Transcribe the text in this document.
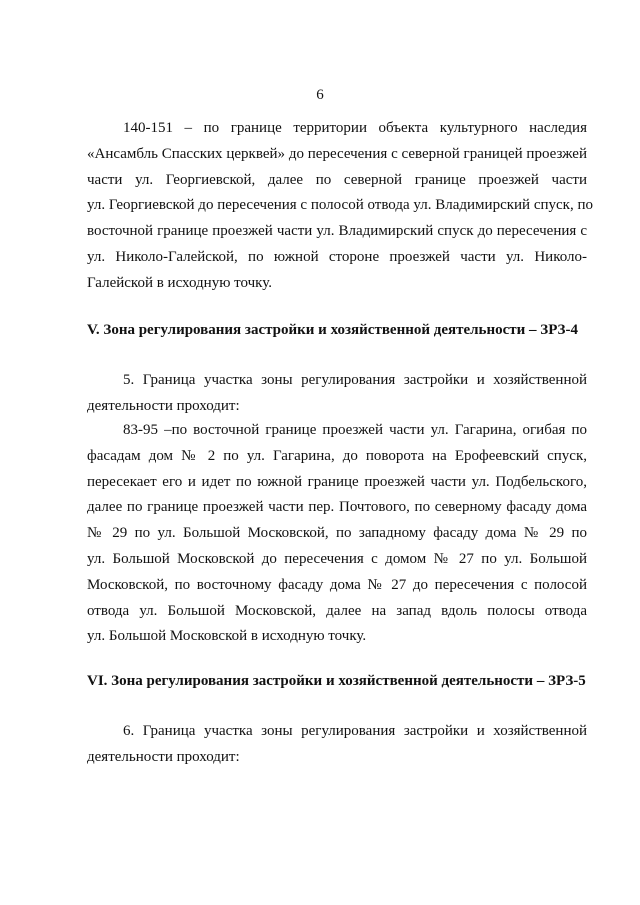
6
140-151 – по границе территории объекта культурного наследия
«Ансамбль Спасских церквей» до пересечения с северной границей проезжей
части ул. Георгиевской, далее по северной границе проезжей части
ул. Георгиевской до пересечения с полосой отвода ул. Владимирский спуск, по
восточной границе проезжей части ул. Владимирский спуск до пересечения с
ул. Николо-Галейской, по южной стороне проезжей части ул. Николо-
Галейской в исходную точку.
V. Зона регулирования застройки и хозяйственной деятельности – ЗРЗ-4
5. Граница участка зоны регулирования застройки и хозяйственной
деятельности проходит:
83-95 –по восточной границе проезжей части ул. Гагарина, огибая по
фасадам дом № 2 по ул. Гагарина, до поворота на Ерофеевский спуск,
пересекает его и идет по южной границе проезжей части ул. Подбельского,
далее по границе проезжей части пер. Почтового, по северному фасаду дома
№ 29 по ул. Большой Московской, по западному фасаду дома № 29 по
ул. Большой Московской до пересечения с домом № 27 по ул. Большой
Московской, по восточному фасаду дома № 27 до пересечения с полосой
отвода ул. Большой Московской, далее на запад вдоль полосы отвода
ул. Большой Московской в исходную точку.
VI. Зона регулирования застройки и хозяйственной деятельности – ЗРЗ-5
6. Граница участка зоны регулирования застройки и хозяйственной
деятельности проходит:
